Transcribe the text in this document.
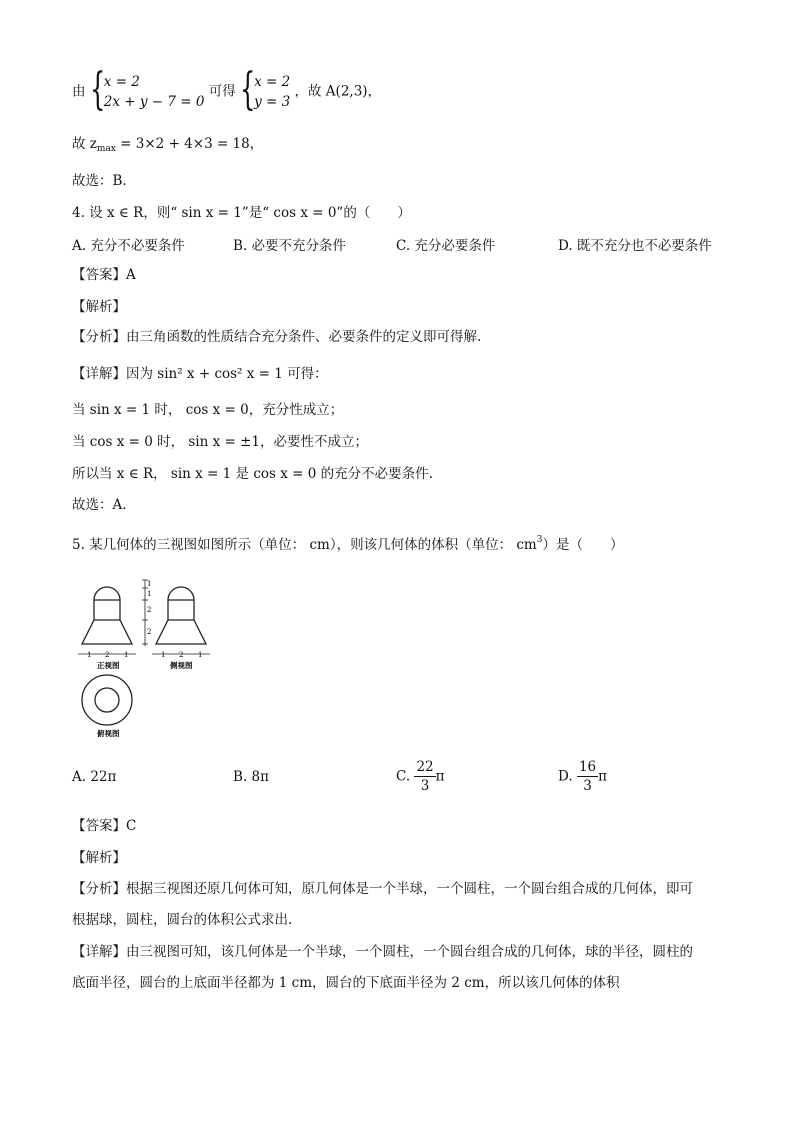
由 {
x = 2
2x + y − 7 = 0
可得 {
x = 2
y = 3
，故 A(2,3)，
故 $z_{max} = 3\times 2 + 4\times 3 = 18$，
故选：B.
4. 设 x ∈ R，则“ sin x = 1”是“ cos x = 0”的（　　）
A. 充分不必要条件	B. 必要不充分条件	C. 充分必要条件	D. 既不充分也不必要条件
【答案】A
【解析】
【分析】由三角函数的性质结合充分条件、必要条件的定义即可得解.
【详解】因为 sin² x + cos² x = 1 可得：
当 sin x = 1 时， cos x = 0，充分性成立；
当 cos x = 0 时， sin x = ±1，必要性不成立；
所以当 x ∈ R， sin x = 1 是 cos x = 0 的充分不必要条件.
故选：A.
5. 某几何体的三视图如图所示（单位： cm），则该几何体的体积（单位： $cm^3$）是（　　）
1
1
2
2
1 2 1	1 2 1
正视图	侧视图
俯视图
A. 22π	B. 8π	C. $\frac{22}{3}$ π	D. $\frac{16}{3}$ π
【答案】C
【解析】
【分析】根据三视图还原几何体可知，原几何体是一个半球，一个圆柱，一个圆台组合成的几何体，即可
根据球，圆柱，圆台的体积公式求出.
【详解】由三视图可知，该几何体是一个半球，一个圆柱，一个圆台组合成的几何体，球的半径，圆柱的
底面半径，圆台的上底面半径都为 1 cm，圆台的下底面半径为 2 cm，所以该几何体的体积
